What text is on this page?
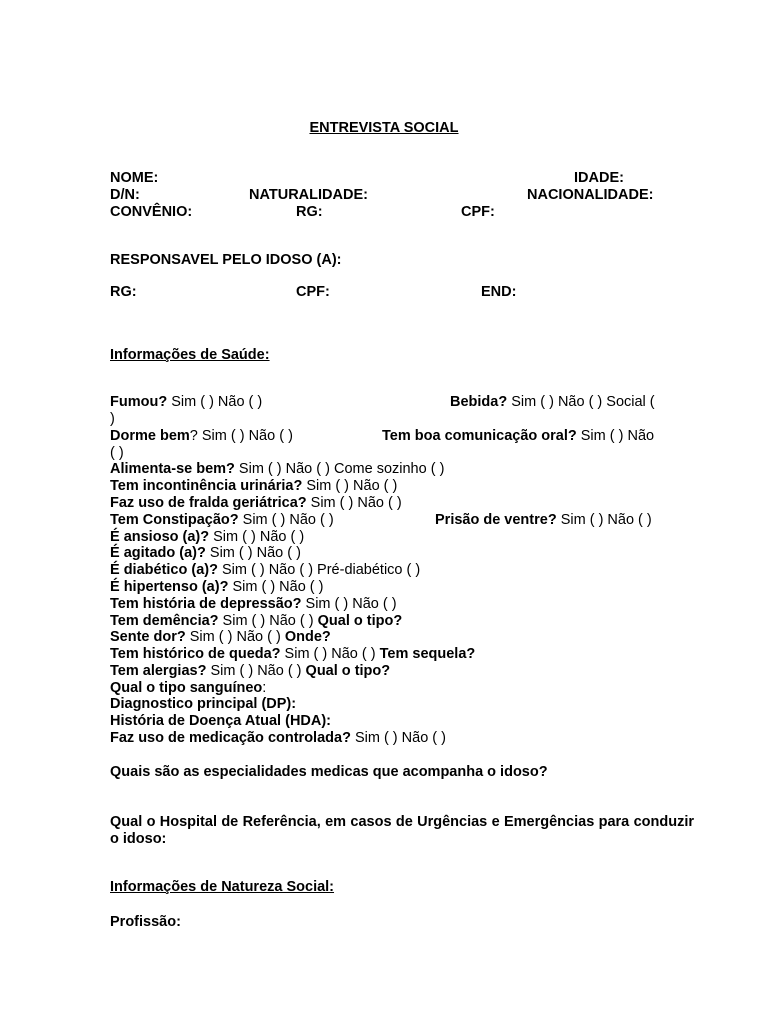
ENTREVISTA SOCIAL
NOME:	IDADE:
D/N:	NATURALIDADE:	NACIONALIDADE:
CONVÊNIO:	RG:	CPF:
RESPONSAVEL PELO IDOSO (A):
RG:	CPF:	END:
Informações de Saúde:
Fumou? Sim ( ) Não ( )	Bebida? Sim ( ) Não ( ) Social (
)
Dorme bem? Sim ( ) Não ( )	Tem boa comunicação oral? Sim ( ) Não
( )
Alimenta-se bem? Sim ( ) Não ( ) Come sozinho ( )
Tem incontinência urinária? Sim ( ) Não ( )
Faz uso de fralda geriátrica? Sim ( ) Não ( )
Tem Constipação? Sim ( ) Não ( )	Prisão de ventre? Sim ( ) Não ( )
É ansioso (a)? Sim ( ) Não ( )
É agitado (a)? Sim ( ) Não ( )
É diabético (a)? Sim ( ) Não ( ) Pré-diabético ( )
É hipertenso (a)? Sim ( ) Não ( )
Tem história de depressão? Sim ( ) Não ( )
Tem demência? Sim ( ) Não ( ) Qual o tipo?
Sente dor? Sim ( ) Não ( ) Onde?
Tem histórico de queda? Sim ( ) Não ( ) Tem sequela?
Tem alergias? Sim ( ) Não ( ) Qual o tipo?
Qual o tipo sanguíneo:
Diagnostico principal (DP):
História de Doença Atual (HDA):
Faz uso de medicação controlada? Sim ( ) Não ( )
Quais são as especialidades medicas que acompanha o idoso?
Qual o Hospital de Referência, em casos de Urgências e Emergências para conduzir o idoso:
Informações de Natureza Social:
Profissão:
